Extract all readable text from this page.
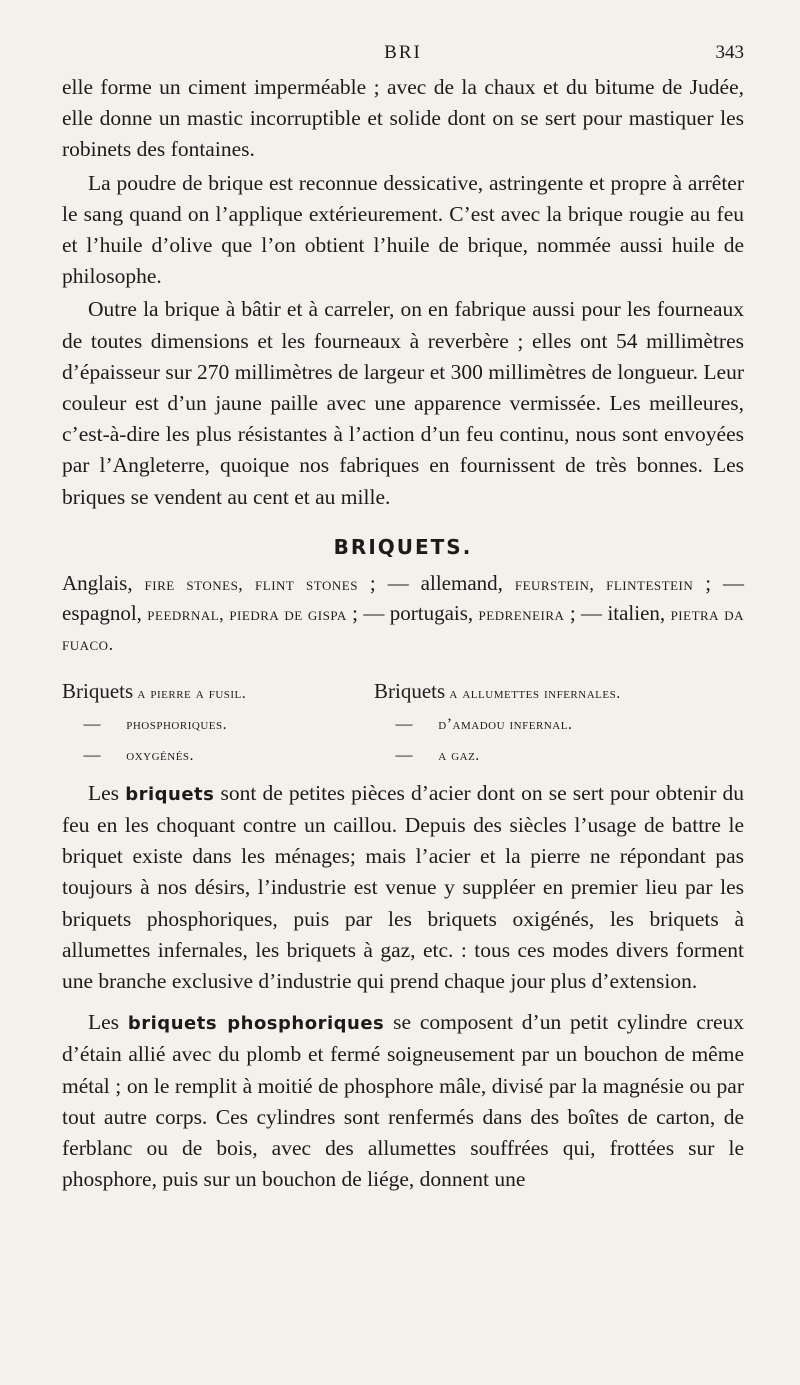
BRI	343

elle forme un ciment imperméable ; avec de la chaux et du bitume de Judée, elle donne un mastic incorruptible et solide dont on se sert pour mastiquer les robinets des fontaines.

La poudre de brique est reconnue dessicative, astringente et propre à arrêter le sang quand on l’applique extérieurement. C’est avec la brique rougie au feu et l’huile d’olive que l’on obtient l’huile de brique, nommée aussi huile de philosophe.

Outre la brique à bâtir et à carreler, on en fabrique aussi pour les fourneaux de toutes dimensions et les fourneaux à reverbère ; elles ont 54 millimètres d’épaisseur sur 270 millimètres de largeur et 300 millimètres de longueur. Leur couleur est d’un jaune paille avec une apparence vermissée. Les meilleures, c’est-à-dire les plus résistantes à l’action d’un feu continu, nous sont envoyées par l’Angleterre, quoique nos fabriques en fournissent de très bonnes. Les briques se vendent au cent et au mille.

BRIQUETS.

Anglais, fire stones, flint stones ; — allemand, feurstein, flintestein ; — espagnol, peedrnal, piedra de gispa ; — portugais, pedreneira ; — italien, pietra da fuaco.

Briquets a pierre a fusil.	Briquets a allumettes infernales.
— phosphoriques.	— d’amadou infernal.
— oxygénés.	— a gaz.

Les briquets sont de petites pièces d’acier dont on se sert pour obtenir du feu en les choquant contre un caillou. Depuis des siècles l’usage de battre le briquet existe dans les ménages; mais l’acier et la pierre ne répondant pas toujours à nos désirs, l’industrie est venue y suppléer en premier lieu par les briquets phosphoriques, puis par les briquets oxigénés, les briquets à allumettes infernales, les briquets à gaz, etc. : tous ces modes divers forment une branche exclusive d’industrie qui prend chaque jour plus d’extension.

Les briquets phosphoriques se composent d’un petit cylindre creux d’étain allié avec du plomb et fermé soigneusement par un bouchon de même métal ; on le remplit à moitié de phosphore mâle, divisé par la magnésie ou par tout autre corps. Ces cylindres sont renfermés dans des boîtes de carton, de ferblanc ou de bois, avec des allumettes souffrées qui, frottées sur le phosphore, puis sur un bouchon de liége, donnent une
